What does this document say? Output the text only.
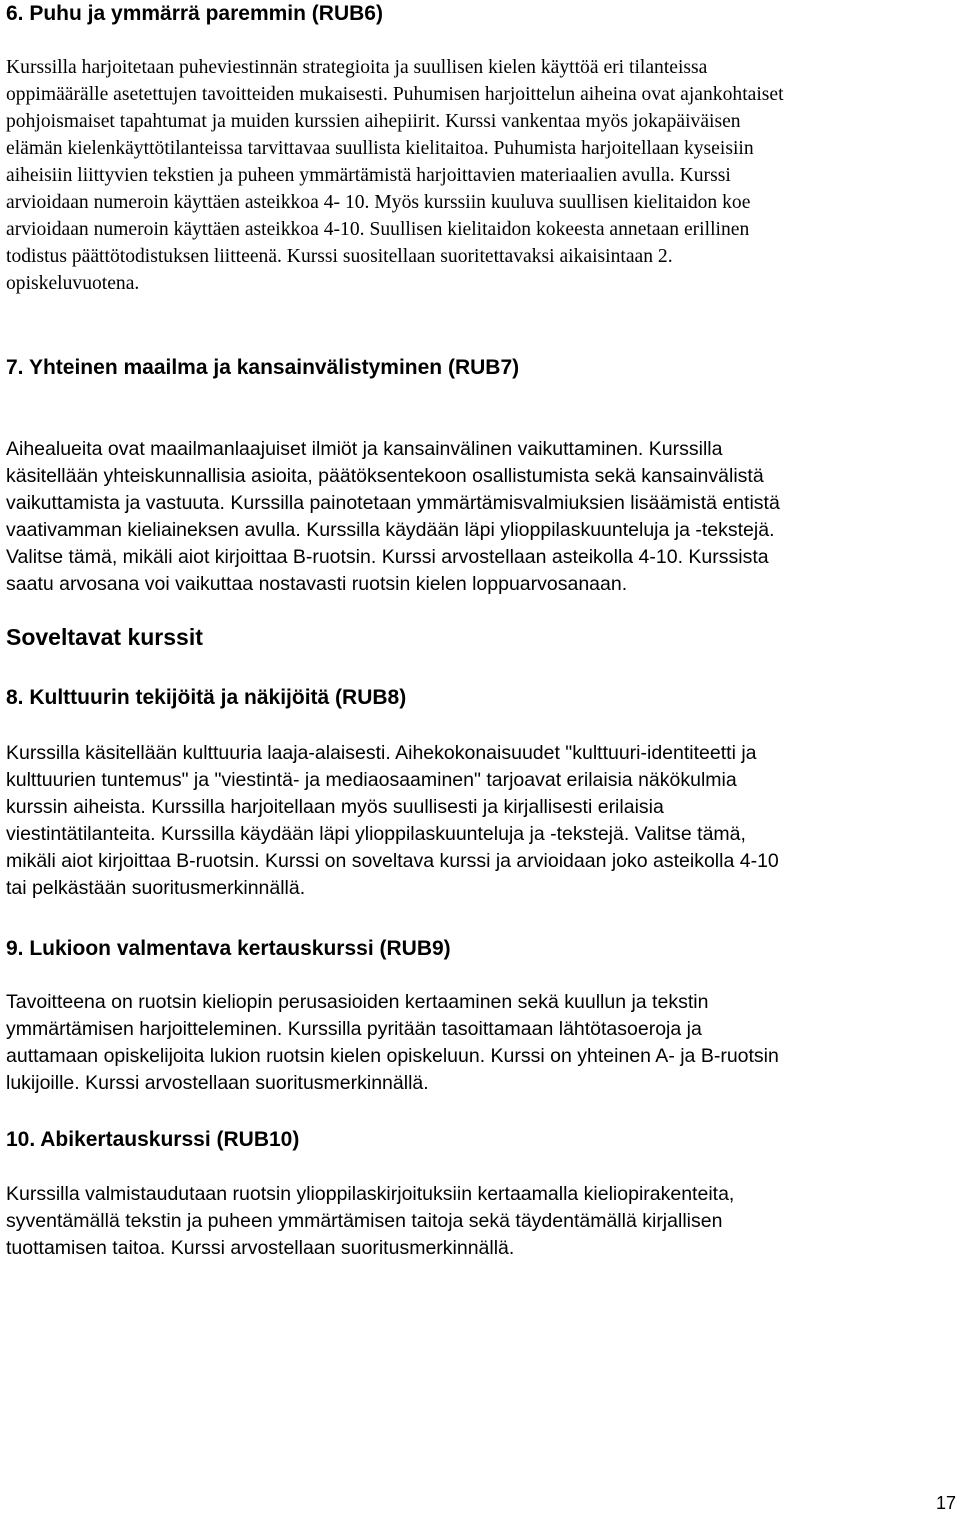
6. Puhu ja ymmärrä paremmin (RUB6)

Kurssilla harjoitetaan puheviestinnän strategioita ja suullisen kielen käyttöä eri tilanteissa
oppimäärälle asetettujen tavoitteiden mukaisesti. Puhumisen harjoittelun aiheina ovat ajankohtaiset
pohjoismaiset tapahtumat ja muiden kurssien aihepiirit. Kurssi vankentaa myös jokapäiväisen
elämän kielenkäyttötilanteissa tarvittavaa suullista kielitaitoa. Puhumista harjoitellaan kyseisiin
aiheisiin liittyvien tekstien ja puheen ymmärtämistä harjoittavien materiaalien avulla. Kurssi
arvioidaan numeroin käyttäen asteikkoa 4- 10. Myös kurssiin kuuluva suullisen kielitaidon koe
arvioidaan numeroin käyttäen asteikkoa 4-10. Suullisen kielitaidon kokeesta annetaan erillinen
todistus päättötodistuksen liitteenä. Kurssi suositellaan suoritettavaksi aikaisintaan 2.
opiskeluvuotena.

7. Yhteinen maailma ja kansainvälistyminen (RUB7)

Aihealueita ovat maailmanlaajuiset ilmiöt ja kansainvälinen vaikuttaminen. Kurssilla
käsitellään yhteiskunnallisia asioita, päätöksentekoon osallistumista sekä kansainvälistä
vaikuttamista ja vastuuta. Kurssilla painotetaan ymmärtämisvalmiuksien lisäämistä entistä
vaativamman kieliaineksen avulla. Kurssilla käydään läpi ylioppilaskuunteluja ja -tekstejä.
Valitse tämä, mikäli aiot kirjoittaa B-ruotsin. Kurssi arvostellaan asteikolla 4-10. Kurssista
saatu arvosana voi vaikuttaa nostavasti ruotsin kielen loppuarvosanaan.

Soveltavat kurssit
8. Kulttuurin tekijöitä ja näkijöitä (RUB8)

Kurssilla käsitellään kulttuuria laaja-alaisesti. Aihekokonaisuudet "kulttuuri-identiteetti ja
kulttuurien tuntemus" ja "viestintä- ja mediaosaaminen" tarjoavat erilaisia näkökulmia
kurssin aiheista. Kurssilla harjoitellaan myös suullisesti ja kirjallisesti erilaisia
viestintätilanteita. Kurssilla käydään läpi ylioppilaskuunteluja ja -tekstejä. Valitse tämä,
mikäli aiot kirjoittaa B-ruotsin. Kurssi on soveltava kurssi ja arvioidaan joko asteikolla 4-10
tai pelkästään suoritusmerkinnällä.

9. Lukioon valmentava kertauskurssi (RUB9)

Tavoitteena on ruotsin kieliopin perusasioiden kertaaminen sekä kuullun ja tekstin
ymmärtämisen harjoitteleminen. Kurssilla pyritään tasoittamaan lähtötasoeroja ja
auttamaan opiskelijoita lukion ruotsin kielen opiskeluun. Kurssi on yhteinen A- ja B-ruotsin
lukijoille. Kurssi arvostellaan suoritusmerkinnällä.

10. Abikertauskurssi (RUB10)

Kurssilla valmistaudutaan ruotsin ylioppilaskirjoituksiin kertaamalla kieliopirakenteita,
syventämällä tekstin ja puheen ymmärtämisen taitoja sekä täydentämällä kirjallisen
tuottamisen taitoa. Kurssi arvostellaan suoritusmerkinnällä.

17
